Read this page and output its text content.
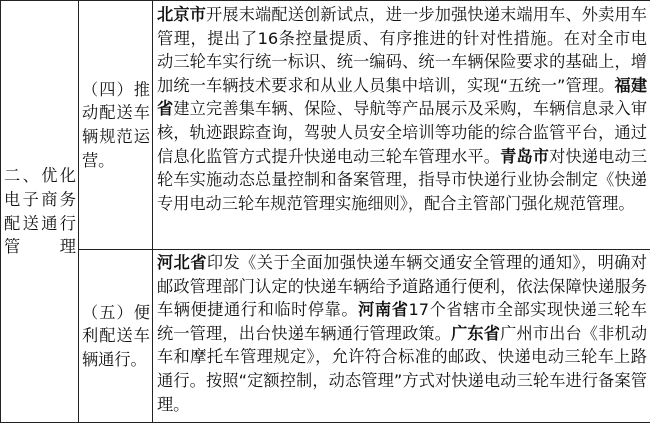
二、优化电子商务配送通行管理	（四）推动配送车辆规范运营。	北京市开展末端配送创新试点，进一步加强快递末端用车、外卖用车管理，提出了16条控量提质、有序推进的针对性措施。在对全市电动三轮车实行统一标识、统一编码、统一车辆保险要求的基础上，增加统一车辆技术要求和从业人员集中培训，实现“五统一”管理。福建省建立完善集车辆、保险、导航等产品展示及采购，车辆信息录入审核，轨迹跟踪查询，驾驶人员安全培训等功能的综合监管平台，通过信息化监管方式提升快递电动三轮车管理水平。青岛市对快递电动三轮车实施动态总量控制和备案管理，指导市快递行业协会制定《快递专用电动三轮车规范管理实施细则》，配合主管部门强化规范管理。
	（五）便利配送车辆通行。	河北省印发《关于全面加强快递车辆交通安全管理的通知》，明确对邮政管理部门认定的快递车辆给予道路通行便利，依法保障快递服务车辆便捷通行和临时停靠。河南省17个省辖市全部实现快递三轮车统一管理，出台快递车辆通行管理政策。广东省广州市出台《非机动车和摩托车管理规定》，允许符合标准的邮政、快递电动三轮车上路通行。按照“定额控制，动态管理”方式对快递电动三轮车进行备案管理。
